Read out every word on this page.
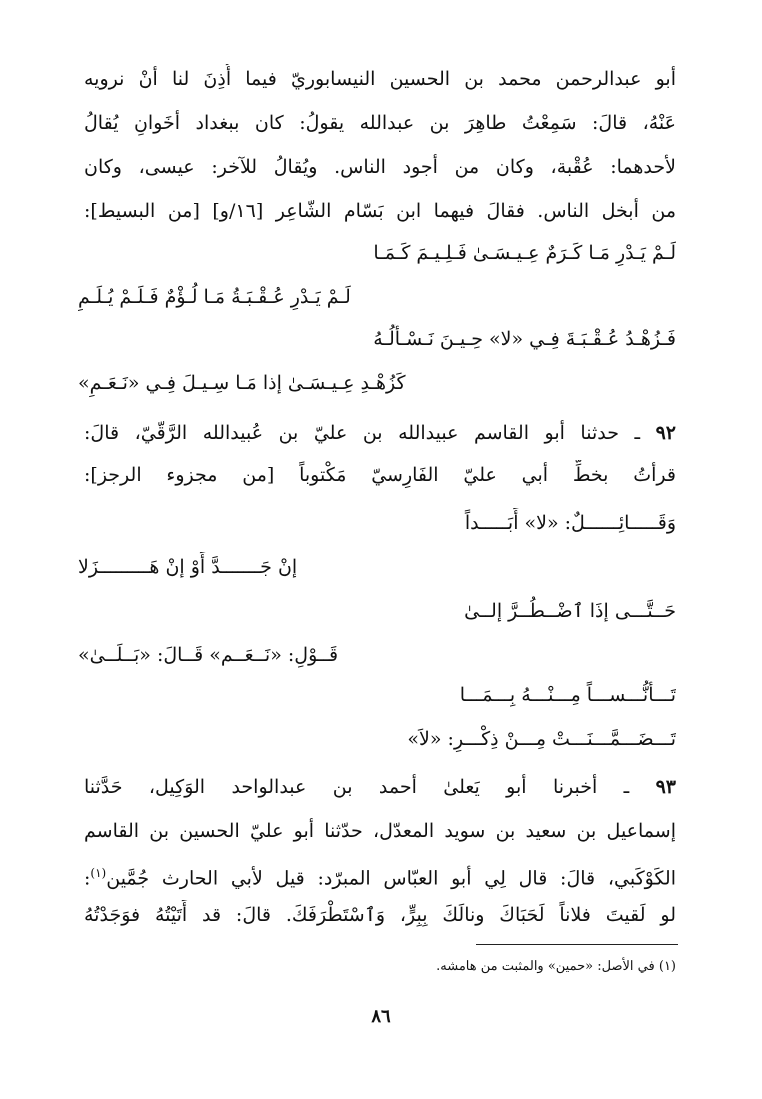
أبو عبدالرحمن محمد بن الحسين النيسابوريّ فيما أُذِنَ لنا أنْ نرويه
عَنْهُ، قالَ: سَمِعْتُ طاهِرَ بن عبدالله يقولُ: كان ببغداد أخَوانِ يُقالُ
لأحدهما: عُقْبة، وكان من أجود الناس. ويُقالُ للآخر: عيسى، وكان
من أبخل الناس. فقالَ فيهما ابن بَسّام الشّاعِر [١٦/و] [من البسيط]:
لَـمْ يَـدْرِ مَـا كَـرَمٌ عِـيـسَـىٰ فَـلِـيـمَ كَـمَـا
لَـمْ يَـدْرِ عُـقْـبَـةُ مَـا لُـؤْمٌ فَـلَـمْ يُـلَـمِ
فَـزُهْـدُ عُـقْـبَـةَ فِـي «لا» حِـيـنَ نَـسْـأَلُـهُ
كَزُهْـدِ عِـيـسَـىٰ إذا مَـا سِـيـلَ فِـي «نَـعَـمِ»
٩٢ ـ حدثنا أبو القاسم عبيدالله بن عليّ بن عُبيدالله الرَّقّيّ، قالَ:
قرأتُ بخطِّ أبي عليّ الفَارِسيّ مَكْتوباً [من مجزوء الرجز]:
وَقَـــــائِــــــلٌ: «لا» أَبَـــــداً
إنْ جَـــــــدَّ أَوْ إنْ هَـــــــــزَلا
حَــتَّـــى إذَا ٱضْــطُــرَّ إلــىٰ
قَــوْلِ: «نَــعَــم» قَــالَ: «بَــلَــىٰ»
تَـــأَنُّـــســـاً مِـــنْـــهُ بِـــمَـــا
تَـــضَـــمَّـــنَـــتْ مِـــنْ ذِكْـــرِ: «لاَ»
٩٣ ـ أخبرنا أبو يَعلىٰ أحمد بن عبدالواحد الوَكِيل، حَدَّثنا
إسماعيل بن سعيد بن سويد المعدّل، حدّثنا أبو عليّ الحسين بن القاسم
الكَوْكَبي، قالَ: قال لِي أبو العبّاس المبرّد: قيل لأبي الحارث جُمَّين$^{(١)}$:
لو لَقيتَ فلاناً لَحَبَاكَ ونالَكَ بِبِرٍّ، وَٱسْتَطْرَفَكَ. قالَ: قد أَتَيْتُهُ فوَجَدْتُهُ
(١) في الأصل: «حمين» والمثبت من هامشه.
٨٦
